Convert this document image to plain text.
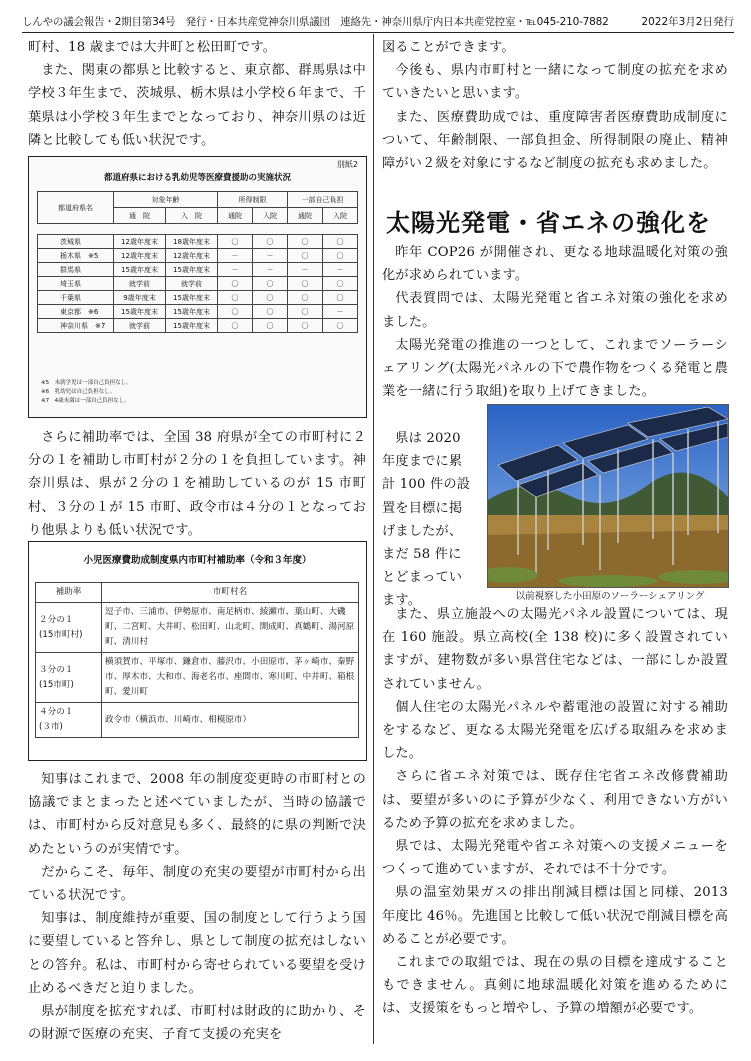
しんやの議会報告・2期目第34号　発行・日本共産党神奈川県議団　連絡先・神奈川県庁内日本共産党控室・℡045-210-7882	2022年3月2日発行

町村、18 歳までは大井町と松田町です。

また、関東の都県と比較すると、東京都、群馬県は中学校３年生まで、茨城県、栃木県は小学校６年まで、千葉県は小学校３年生までとなっており、神奈川県のは近隣と比較しても低い状況です。

別紙2
都道府県における乳幼児等医療費援助の実施状況
都道府県名	対象年齢		所得制限		一部自己負担	
	通　院	入　院	通院	入院	通院	入院

茨城県	12歳年度末	18歳年度末	〇	〇	〇	〇
栃木県　※5	12歳年度末	12歳年度末	－	－	〇	〇
群馬県	15歳年度末	15歳年度末	－	－	－	－
埼玉県	就学前	就学前	〇	〇	〇	〇
千葉県	9歳年度末	15歳年度末	〇	〇	〇	〇
東京都　※6	15歳年度末	15歳年度末	〇	〇	〇	－
神奈川県　※7	就学前	15歳年度末	〇	〇	〇	〇
※5　未就学児は一部自己負担なし。
※6　乳幼児は自己負担なし。
※7　4歳未満は一部自己負担なし。

さらに補助率では、全国 38 府県が全ての市町村に２分の１を補助し市町村が２分の１を負担しています。神奈川県は、県が２分の１を補助しているのが 15 市町村、３分の１が 15 市町、政令市は４分の１となっており他県よりも低い状況です。

小児医療費助成制度県内市町村補助率（令和３年度）
補助率	市町村名
２分の１
(15市町村)	逗子市、三浦市、伊勢原市、南足柄市、綾瀬市、葉山町、大磯町、二宮町、大井町、松田町、山北町、開成町、真鶴町、湯河原町、清川村
３分の１
(15市町)	横須賀市、平塚市、鎌倉市、藤沢市、小田原市、茅ヶ崎市、秦野市、厚木市、大和市、海老名市、座間市、寒川町、中井町、箱根町、愛川町
４分の１
(３市)	政令市（横浜市、川崎市、相模原市）

知事はこれまで、2008 年の制度変更時の市町村との協議でまとまったと述べていましたが、当時の協議では、市町村から反対意見も多く、最終的に県の判断で決めたというのが実情です。

だからこそ、毎年、制度の充実の要望が市町村から出ている状況です。

知事は、制度維持が重要、国の制度として行うよう国に要望していると答弁し、県として制度の拡充はしないとの答弁。私は、市町村から寄せられている要望を受け止めるべきだと迫りました。

県が制度を拡充すれば、市町村は財政的に助かり、その財源で医療の充実、子育て支援の充実を

図ることができます。

今後も、県内市町村と一緒になって制度の拡充を求めていきたいと思います。

また、医療費助成では、重度障害者医療費助成制度について、年齢制限、一部負担金、所得制限の廃止、精神障がい２級を対象にするなど制度の拡充も求めました。

太陽光発電・省エネの強化を

昨年 COP26 が開催され、更なる地球温暖化対策の強化が求められています。

代表質問では、太陽光発電と省エネ対策の強化を求めました。

太陽光発電の推進の一つとして、これまでソーラーシェアリング(太陽光パネルの下で農作物をつくる発電と農業を一緒に行う取組)を取り上げてきました。

県は 2020
年度までに累
計 100 件の設
置を目標に掲
げましたが、
まだ 58 件に
とどまってい
ます。	以前視察した小田原のソーラーシェアリング

また、県立施設への太陽光パネル設置については、現在 160 施設。県立高校(全 138 校)に多く設置されていますが、建物数が多い県営住宅などは、一部にしか設置されていません。

個人住宅の太陽光パネルや蓄電池の設置に対する補助をするなど、更なる太陽光発電を広げる取組みを求めました。

さらに省エネ対策では、既存住宅省エネ改修費補助は、要望が多いのに予算が少なく、利用できない方がいるため予算の拡充を求めました。

県では、太陽光発電や省エネ対策への支援メニューをつくって進めていますが、それでは不十分です。

県の温室効果ガスの排出削減目標は国と同様、2013 年度比 46％。先進国と比較して低い状況で削減目標を高めることが必要です。

これまでの取組では、現在の県の目標を達成することもできません。真剣に地球温暖化対策を進めるためには、支援策をもっと増やし、予算の増額が必要です。
